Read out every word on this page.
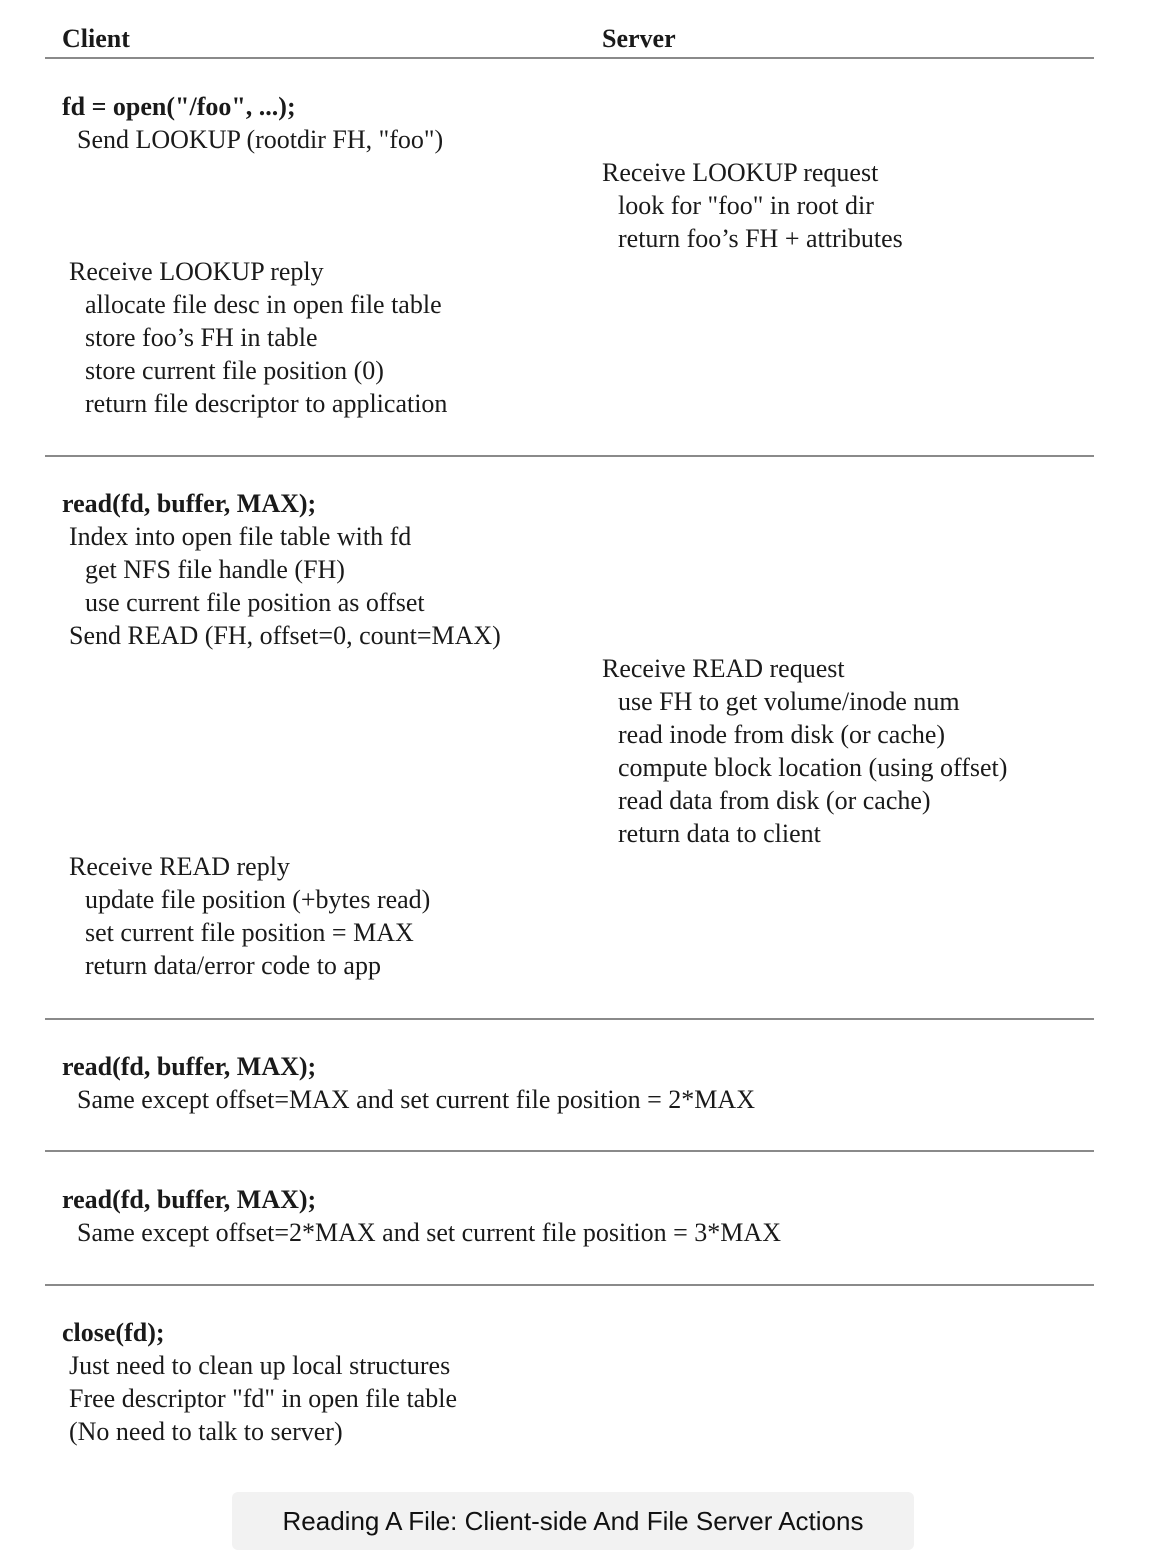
Client	Server
fd = open("/foo", ...);
Send LOOKUP (rootdir FH, "foo")
Receive LOOKUP request
look for "foo" in root dir
return foo’s FH + attributes
Receive LOOKUP reply
allocate file desc in open file table
store foo’s FH in table
store current file position (0)
return file descriptor to application
read(fd, buffer, MAX);
Index into open file table with fd
get NFS file handle (FH)
use current file position as offset
Send READ (FH, offset=0, count=MAX)
Receive READ request
use FH to get volume/inode num
read inode from disk (or cache)
compute block location (using offset)
read data from disk (or cache)
return data to client
Receive READ reply
update file position (+bytes read)
set current file position = MAX
return data/error code to app
read(fd, buffer, MAX);
Same except offset=MAX and set current file position = 2*MAX
read(fd, buffer, MAX);
Same except offset=2*MAX and set current file position = 3*MAX
close(fd);
Just need to clean up local structures
Free descriptor "fd" in open file table
(No need to talk to server)
Reading A File: Client-side And File Server Actions
